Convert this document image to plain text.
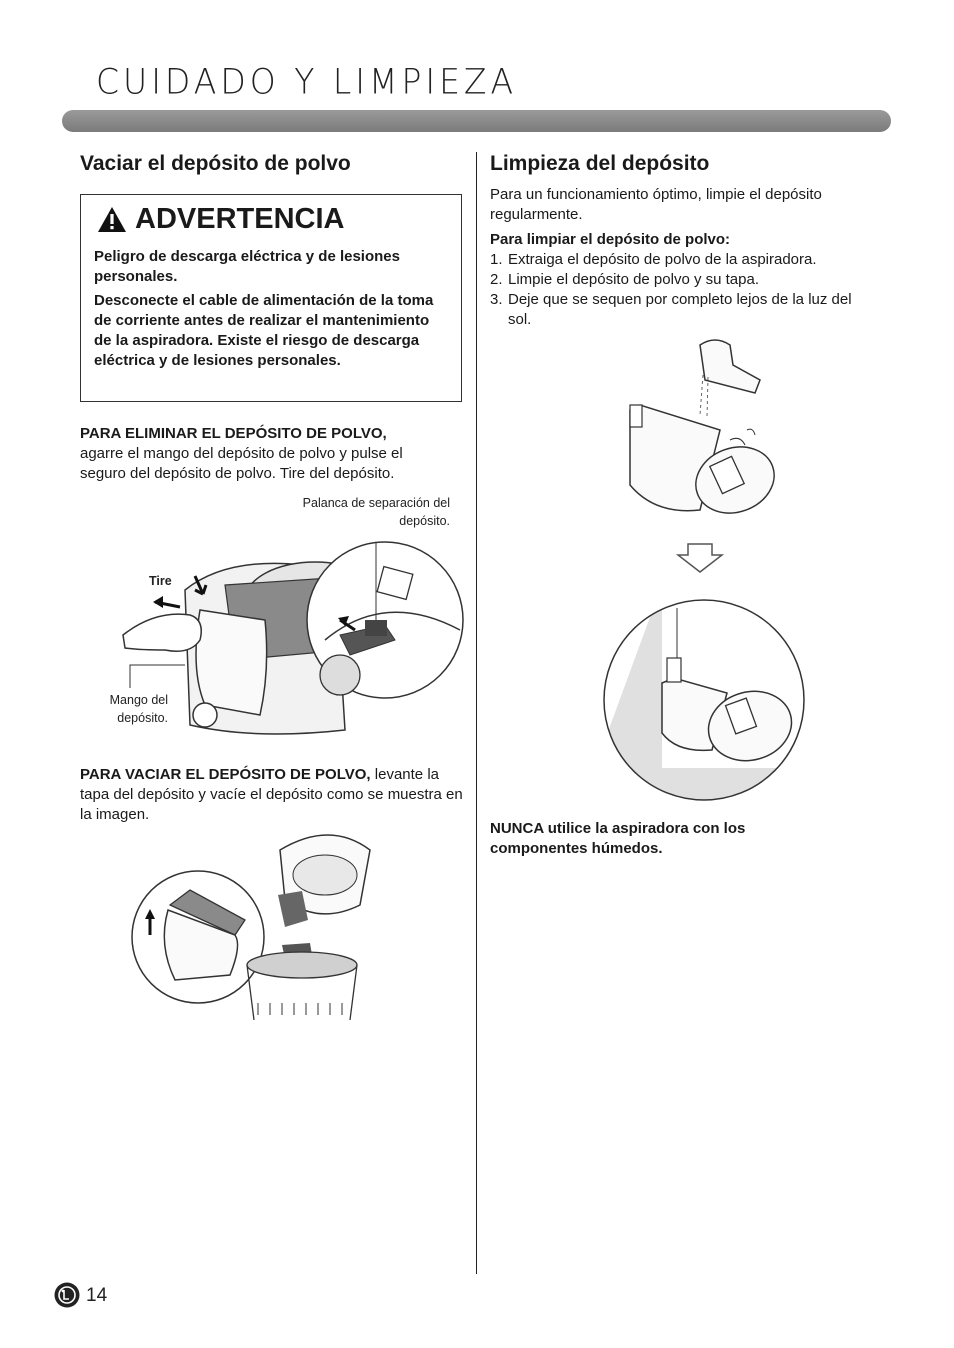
CUIDADO Y LIMPIEZA
Vaciar el depósito de polvo
ADVERTENCIA
Peligro de descarga eléctrica y de lesiones personales.
Desconecte el cable de alimentación de la toma de corriente antes de realizar el mantenimiento de la aspiradora. Existe el riesgo de descarga eléctrica y de lesiones personales.
PARA ELIMINAR EL DEPÓSITO DE POLVO,
agarre el mango del depósito de polvo y pulse el seguro del depósito de polvo. Tire del depósito.
Palanca de separación del depósito.
Tire
Mango del depósito.
PARA VACIAR EL DEPÓSITO DE POLVO, levante la tapa del depósito y vacíe el depósito como se muestra en la imagen.
Limpieza del depósito
Para un funcionamiento óptimo, limpie el depósito regularmente.
Para limpiar el depósito de polvo:
1. Extraiga el depósito de polvo de la aspiradora.
2. Limpie el depósito de polvo y su tapa.
3. Deje que se sequen por completo lejos de la luz del sol.
NUNCA utilice la aspiradora con los componentes húmedos.
14
